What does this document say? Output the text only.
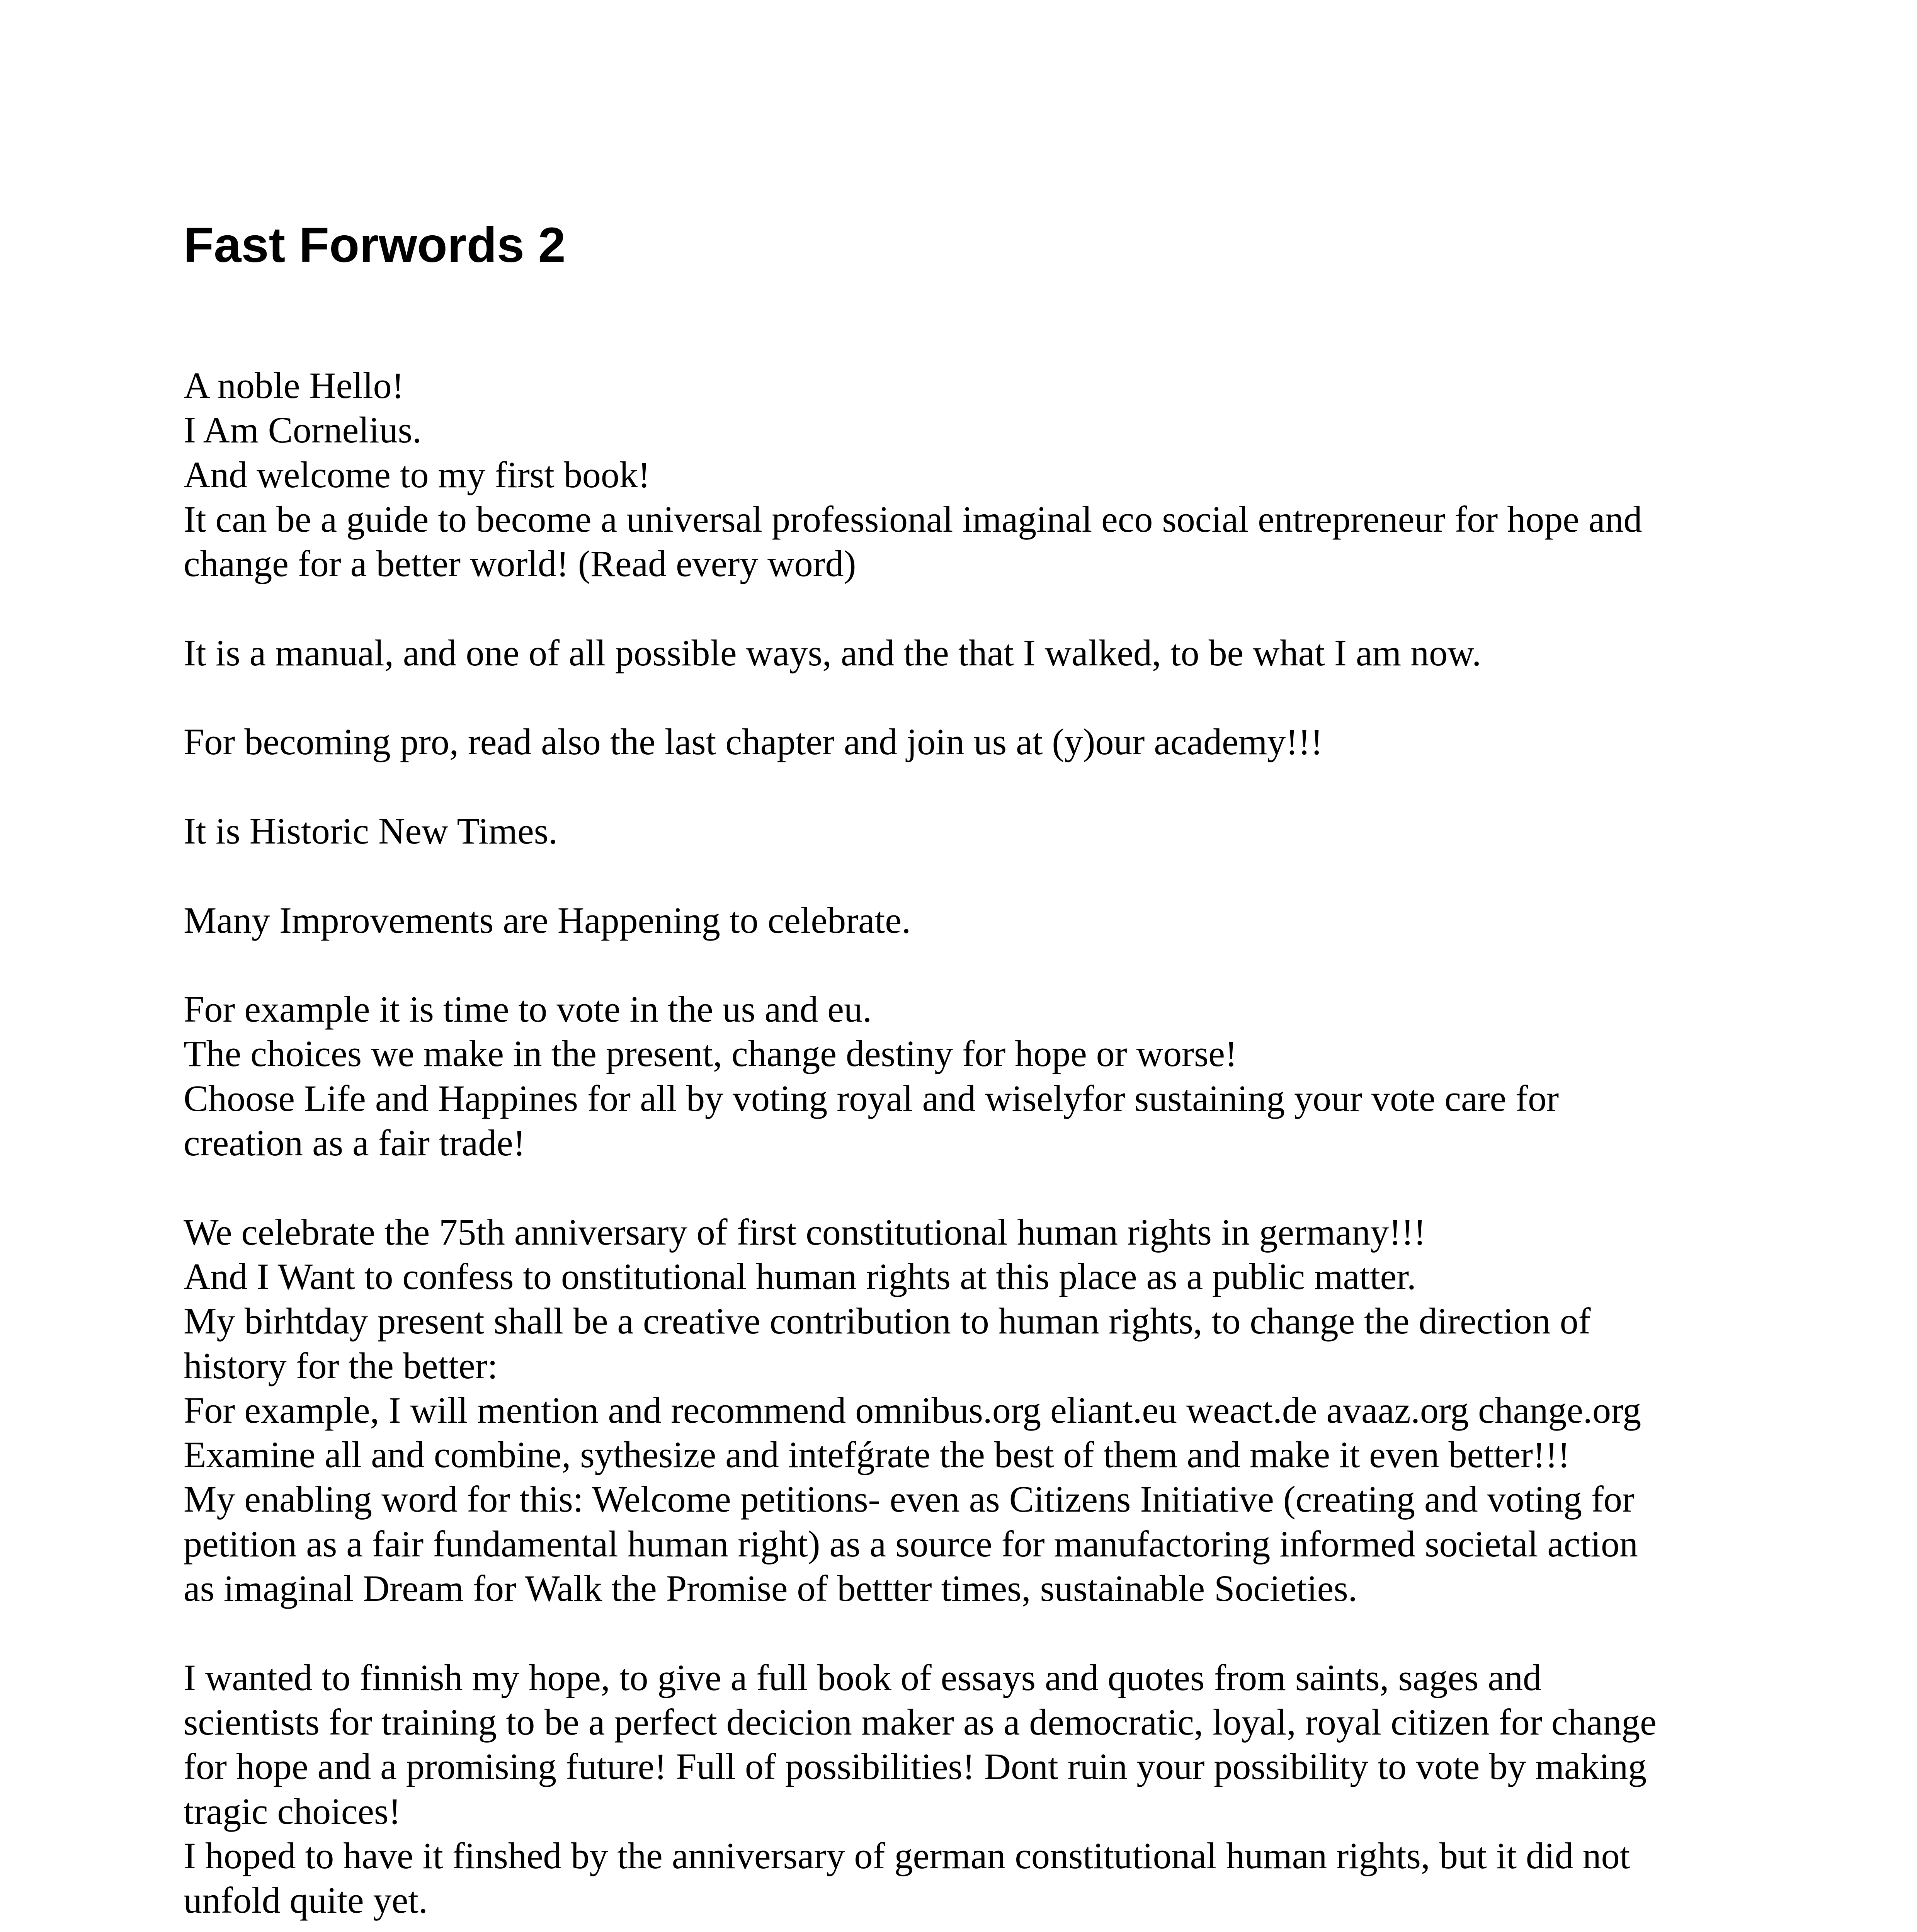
Fast Forwords 2
A noble Hello!
I Am Cornelius.
And welcome to my first book!
It can be a guide to become a universal professional imaginal eco social entrepreneur for hope and
change for a better world! (Read every word)
It is a manual, and one of all possible ways, and the that I walked, to be what I am now.
For becoming pro, read also the last chapter and join us at (y)our academy!!!
It is Historic New Times.
Many Improvements are Happening to celebrate.
For example it is time to vote in the us and eu.
The choices we make in the present, change destiny for hope or worse!
Choose Life and Happines for all by voting royal and wiselyfor sustaining your vote care for
creation as a fair trade!
We celebrate the 75th anniversary of first constitutional human rights in germany!!!
And I Want to confess to onstitutional human rights at this place as a public matter.
My birhtday present shall be a creative contribution to human rights, to change the direction of
history for the better:
For example, I will mention and recommend omnibus.org eliant.eu weact.de avaaz.org change.org
Examine all and combine, sythesize and intefǵrate the best of them and make it even better!!!
My enabling word for this: Welcome petitions- even as Citizens Initiative (creating and voting for
petition as a fair fundamental human right) as a source for manufactoring informed societal action
as imaginal Dream for Walk the Promise of bettter times, sustainable Societies.
I wanted to finnish my hope, to give a full book of essays and quotes from saints, sages and
scientists for training to be a perfect decicion maker as a democratic, loyal, royal citizen for change
for hope and a promising future! Full of possibilities! Dont ruin your possibility to vote by making
tragic choices!
I hoped to have it finshed by the anniversary of german constitutional human rights, but it did not
unfold quite yet.
